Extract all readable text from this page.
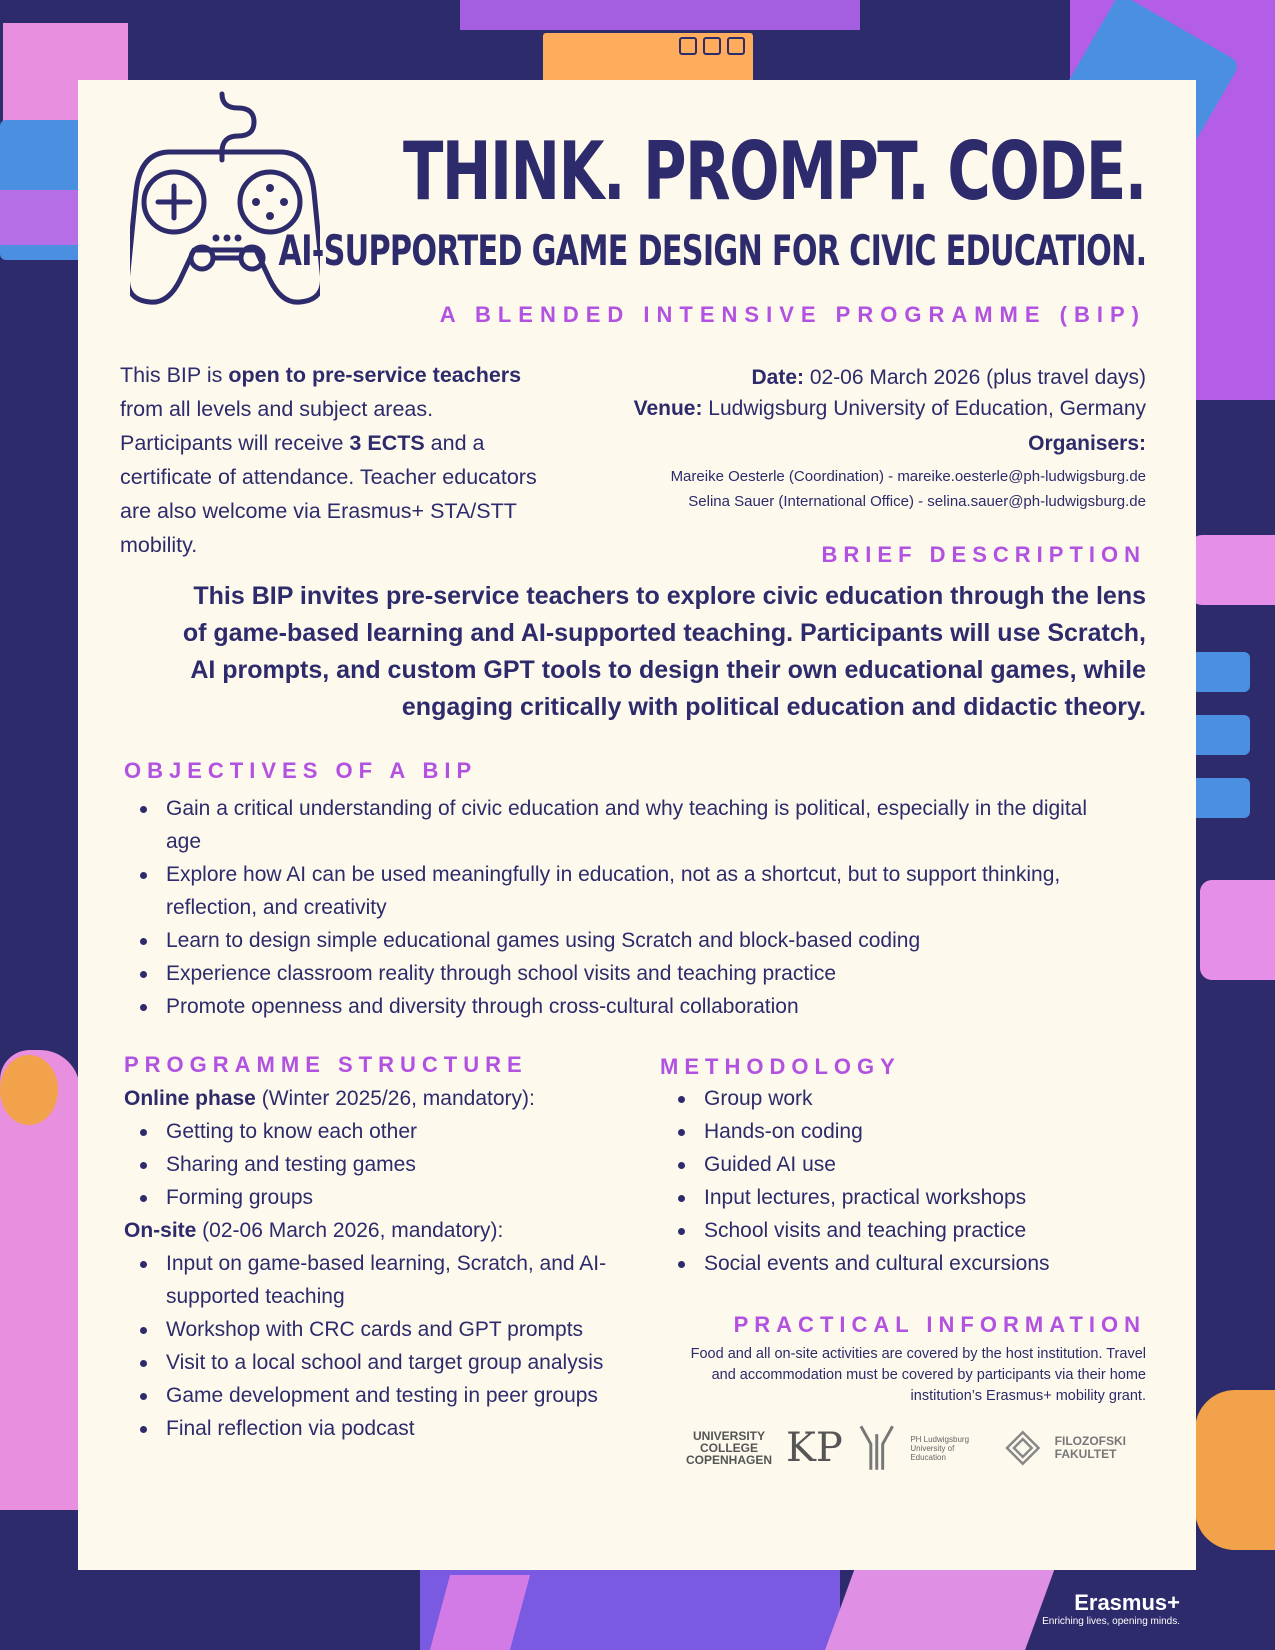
THINK. PROMPT. CODE.
AI-SUPPORTED GAME DESIGN FOR CIVIC EDUCATION.
A BLENDED INTENSIVE PROGRAMME (BIP)

This BIP is open to pre-service teachers from all levels and subject areas. Participants will receive 3 ECTS and a certificate of attendance. Teacher educators are also welcome via Erasmus+ STA/STT mobility.

Date: 02-06 March 2026 (plus travel days)
Venue: Ludwigsburg University of Education, Germany
Organisers:
Mareike Oesterle (Coordination) - mareike.oesterle@ph-ludwigsburg.de
Selina Sauer (International Office) - selina.sauer@ph-ludwigsburg.de
BRIEF DESCRIPTION

This BIP invites pre-service teachers to explore civic education through the lens of game-based learning and AI-supported teaching. Participants will use Scratch, AI prompts, and custom GPT tools to design their own educational games, while engaging critically with political education and didactic theory.

OBJECTIVES OF A BIP
Gain a critical understanding of civic education and why teaching is political, especially in the digital age
Explore how AI can be used meaningfully in education, not as a shortcut, but to support thinking, reflection, and creativity
Learn to design simple educational games using Scratch and block-based coding
Experience classroom reality through school visits and teaching practice
Promote openness and diversity through cross-cultural collaboration
PROGRAMME STRUCTURE

Online phase (Winter 2025/26, mandatory):

Getting to know each other
Sharing and testing games
Forming groups

On-site (02-06 March 2026, mandatory):

Input on game-based learning, Scratch, and AI-supported teaching
Workshop with CRC cards and GPT prompts
Visit to a local school and target group analysis
Game development and testing in peer groups
Final reflection via podcast
METHODOLOGY
Group work
Hands-on coding
Guided AI use
Input lectures, practical workshops
School visits and teaching practice
Social events and cultural excursions
PRACTICAL INFORMATION

Food and all on-site activities are covered by the host institution. Travel and accommodation must be covered by participants via their home institution’s Erasmus+ mobility grant.

UNIVERSITY
COLLEGE
COPENHAGEN KP	PH Ludwigsburg
University of Education
FILOZOFSKI
FAKULTET
Erasmus+
Enriching lives, opening minds.
